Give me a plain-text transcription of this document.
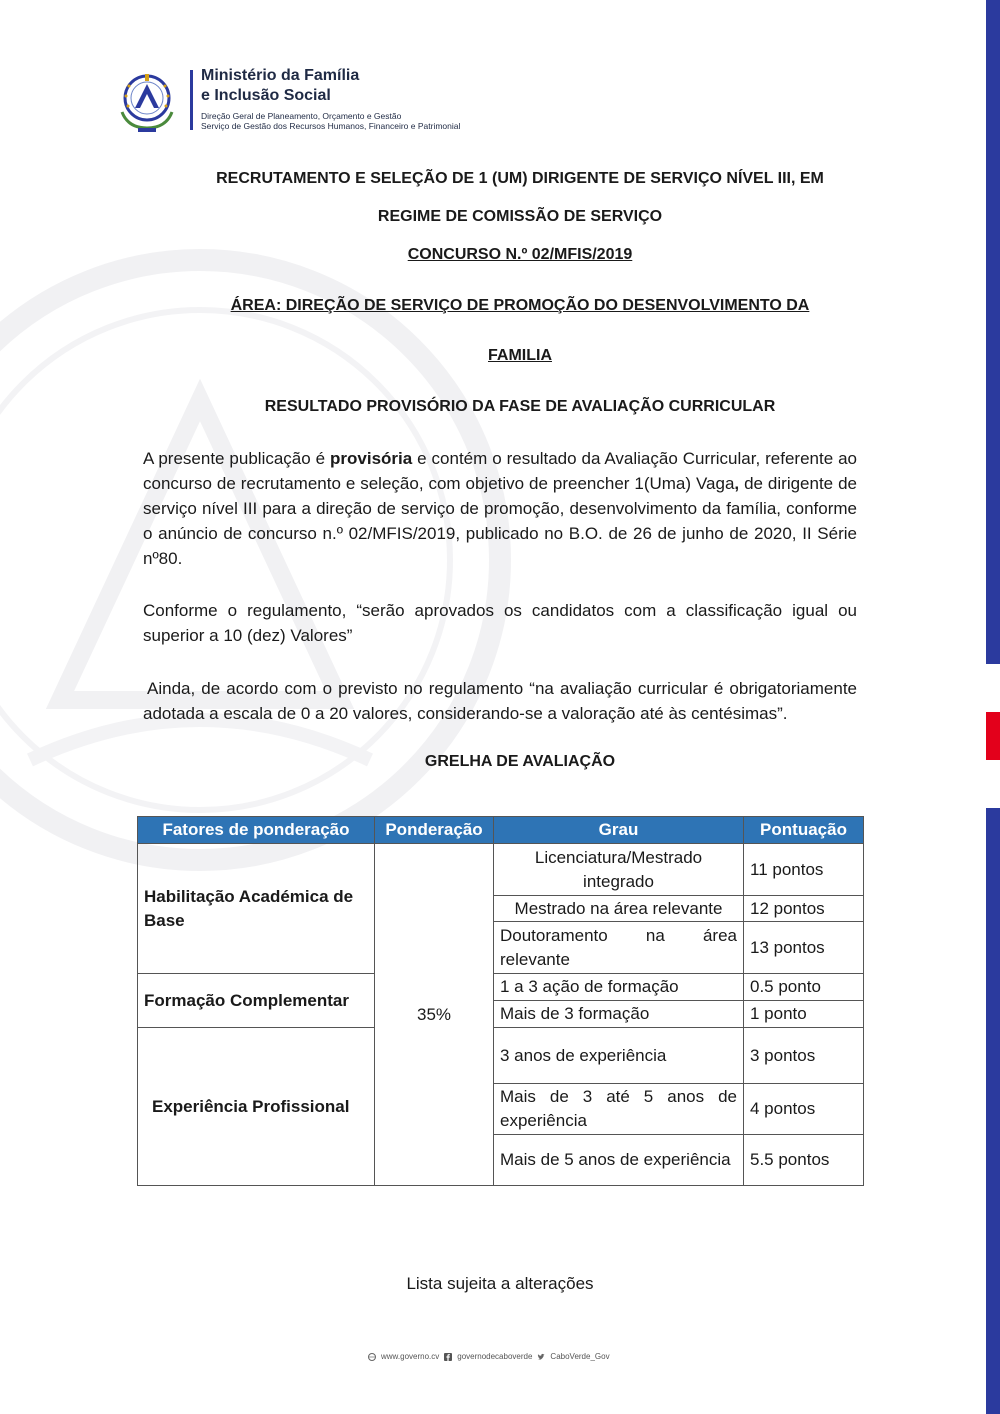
Ministério da Família
e Inclusão Social
Direção Geral de Planeamento, Orçamento e Gestão
Serviço de Gestão dos Recursos Humanos, Financeiro e Patrimonial
RECRUTAMENTO E SELEÇÃO DE 1 (UM) DIRIGENTE DE SERVIÇO NÍVEL III, EM
REGIME DE COMISSÃO DE SERVIÇO
CONCURSO N.º 02/MFIS/2019
ÁREA: DIREÇÃO DE SERVIÇO DE PROMOÇÃO DO DESENVOLVIMENTO DA
FAMILIA
RESULTADO PROVISÓRIO DA FASE DE AVALIAÇÃO CURRICULAR
A presente publicação é provisória e contém o resultado da Avaliação Curricular, referente ao concurso de recrutamento e seleção, com objetivo de preencher 1(Uma) Vaga, de dirigente de serviço nível III para a direção de serviço de promoção, desenvolvimento da família, conforme o anúncio de concurso n.º 02/MFIS/2019, publicado no B.O. de 26 de junho de 2020, II Série nº80.
Conforme o regulamento, “serão aprovados os candidatos com a classificação igual ou superior a 10 (dez) Valores”
Ainda, de acordo com o previsto no regulamento “na avaliação curricular é obrigatoriamente adotada a escala de 0 a 20 valores, considerando-se a valoração até às centésimas”.
GRELHA DE AVALIAÇÃO
Fatores de ponderação	Ponderação	Grau	Pontuação
Habilitação Académica de Base	35%	Licenciatura/Mestrado integrado	11 pontos
		Mestrado na área relevante	12 pontos
		Doutoramento na área relevante	13 pontos
Formação Complementar		1 a 3 ação de formação	0.5 ponto
		Mais de 3 formação	1 ponto
Experiência Profissional		3 anos de experiência	3 pontos
		Mais de 3 até 5 anos de experiência	4 pontos
		Mais de 5 anos de experiência	5.5 pontos
Lista sujeita a alterações
www.governo.cv governodecaboverde CaboVerde_Gov
